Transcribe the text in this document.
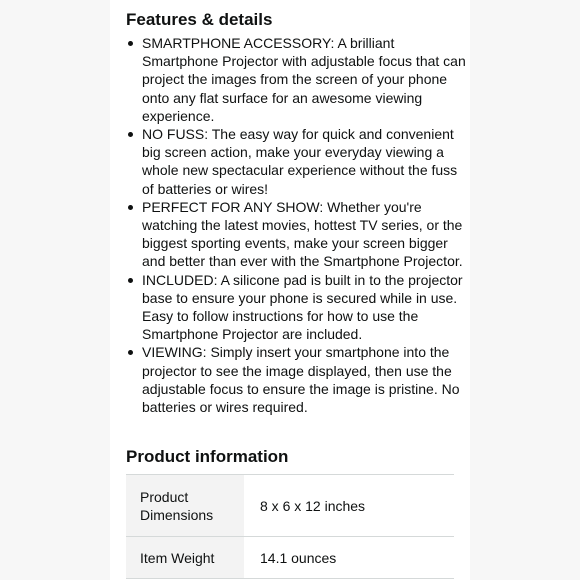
Features & details
SMARTPHONE ACCESSORY: A brilliant Smartphone Projector with adjustable focus that can project the images from the screen of your phone onto any flat surface for an awesome viewing experience.
NO FUSS: The easy way for quick and convenient big screen action, make your everyday viewing a whole new spectacular experience without the fuss of batteries or wires!
PERFECT FOR ANY SHOW: Whether you're watching the latest movies, hottest TV series, or the biggest sporting events, make your screen bigger and better than ever with the Smartphone Projector.
INCLUDED: A silicone pad is built in to the projector base to ensure your phone is secured while in use. Easy to follow instructions for how to use the Smartphone Projector are included.
VIEWING: Simply insert your smartphone into the projector to see the image displayed, then use the adjustable focus to ensure the image is pristine. No batteries or wires required.
Product information
Product Dimensions
8 x 6 x 12 inches
Item Weight	14.1 ounces
